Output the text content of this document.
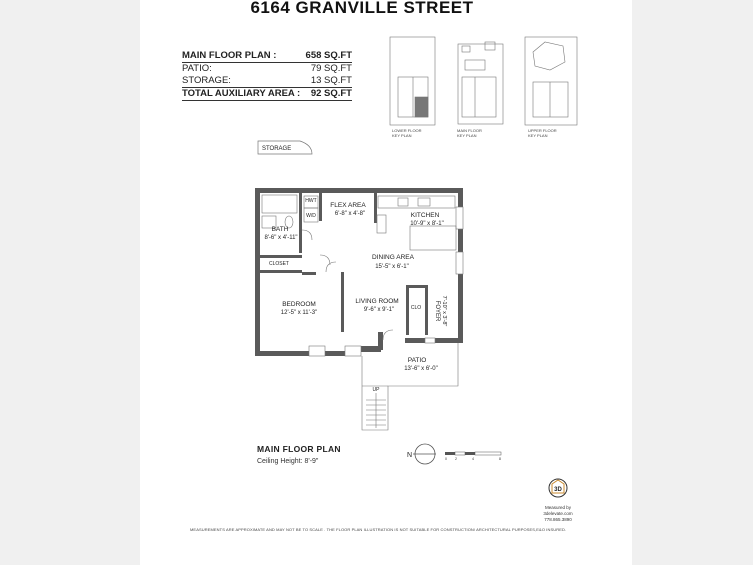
6164 GRANVILLE STREET
MAIN FLOOR PLAN :	658 SQ.FT
PATIO:	79 SQ.FT
STORAGE:	13 SQ.FT
TOTAL AUXILIARY AREA : 92 SQ.FT
LOWER FLOOR
KEY PLAN
MAIN FLOOR
KEY PLAN
UPPER FLOOR
KEY PLAN
STORAGE
FLEX AREA
6'-8" x 4'-8"	KITCHEN
10'-9" x 8'-1"
BATH
8'-6" x 4'-11"
DINING AREA
15'-5" x 6'-1"
BEDROOM
12'-5" x 11'-3"
LIVING ROOM
9'-6" x 9'-1"
PATIO
13'-6" x 6'-0"
CLOSET
CLO
HWT
W/D
UP
FOYER 7'-10" x 3'-8"
N	0 2	4	8
3D
MAIN FLOOR PLAN
Ceiling Height: 8'-9"
Measured by
3delevate.com
778.865.3890
MEASUREMENTS ARE APPROXIMATE AND MAY NOT BE TO SCALE . THE FLOOR PLAN ILLUSTRATION IS NOT SUITABLE FOR CONSTRUCTION/ ARCHITECTURAL PURPOSES,E&O INSURED.
